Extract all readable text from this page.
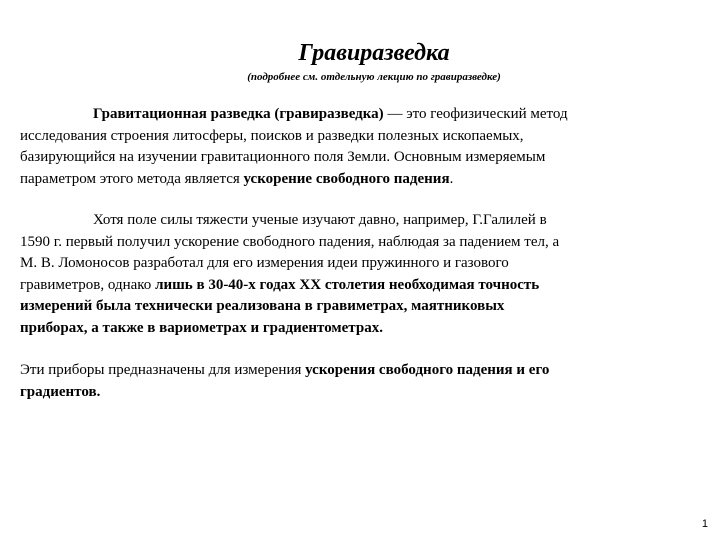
Гравиразведка
(подробнее см. отдельную лекцию по гравиразведке)
Гравитационная разведка (гравиразведка) — это геофизический метод
исследования строения литосферы, поисков и разведки полезных ископаемых,
базирующийся на изучении гравитационного поля Земли. Основным измеряемым
параметром этого метода является ускорение свободного падения.
Хотя поле силы тяжести ученые изучают давно, например, Г.Галилей в
1590 г. первый получил ускорение свободного падения, наблюдая за падением тел, а
М. В. Ломоносов разработал для его измерения идеи пружинного и газового
гравиметров, однако лишь в 30-40-х годах XX столетия необходимая точность
измерений была технически реализована в гравиметрах, маятниковых
приборах, а также в вариометрах и градиентометрах.
Эти приборы предназначены для измерения ускорения свободного падения и его
градиентов.
1
